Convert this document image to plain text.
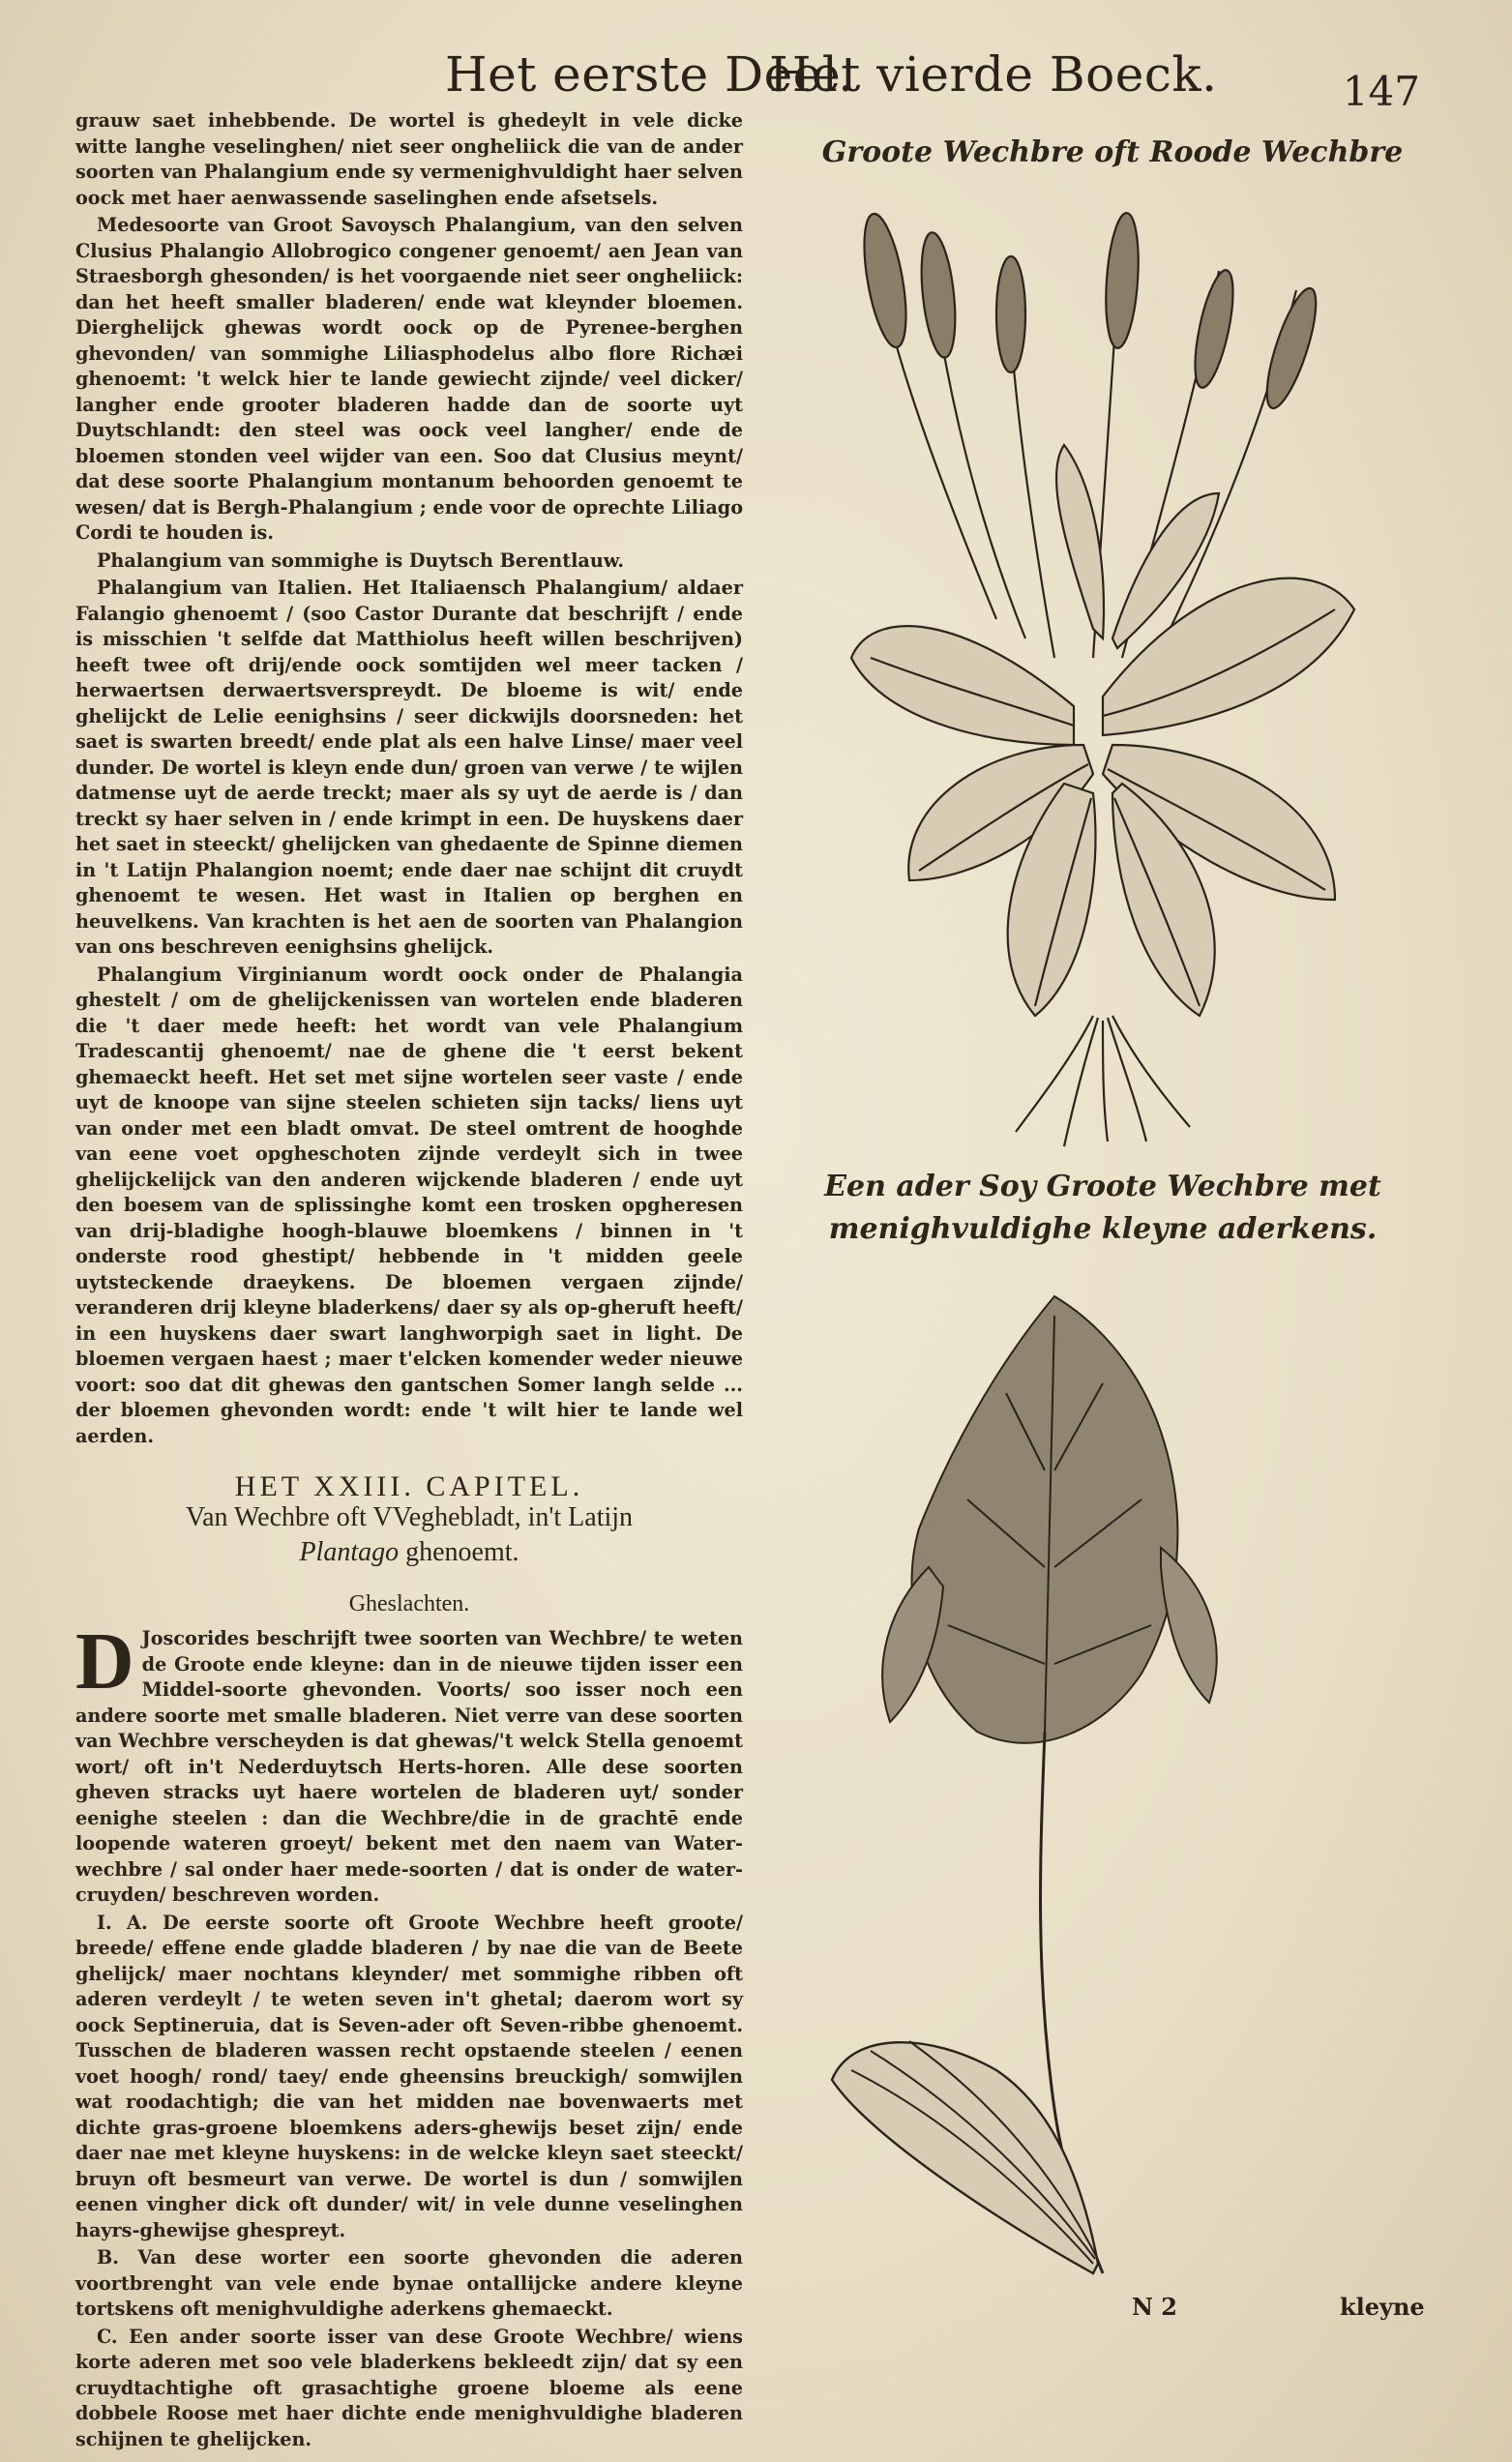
Het eerste Deel.
Het vierde Boeck.	147

grauw saet inhebbende. De wortel is ghedeylt in vele dicke witte langhe veselinghen/ niet seer ongheliick die van de ander soorten van Phalangium ende sy vermenighvuldight haer selven oock met haer aenwassende saselinghen ende afsetsels.

Medesoorte van Groot Savoysch Phalangium, van den selven Clusius Phalangio Allobrogico congener genoemt/ aen Jean van Straesborgh ghesonden/ is het voorgaende niet seer ongheliick: dan het heeft smaller bladeren/ ende wat kleynder bloemen. Dierghelijck ghewas wordt oock op de Pyrenee-berghen ghevonden/ van sommighe Liliasphodelus albo flore Richæi ghenoemt: 't welck hier te lande gewiecht zijnde/ veel dicker/ langher ende grooter bladeren hadde dan de soorte uyt Duytschlandt: den steel was oock veel langher/ ende de bloemen stonden veel wijder van een. Soo dat Clusius meynt/ dat dese soorte Phalangium montanum behoorden genoemt te wesen/ dat is Bergh-Phalangium ; ende voor de oprechte Liliago Cordi te houden is.

Phalangium van sommighe is Duytsch Berentlauw.

Phalangium van Italien. Het Italiaensch Phalangium/ aldaer Falangio ghenoemt / (soo Castor Durante dat beschrijft / ende is misschien 't selfde dat Matthiolus heeft willen beschrijven) heeft twee oft drij/ende oock somtijden wel meer tacken / herwaertsen derwaertsverspreydt. De bloeme is wit/ ende ghelijckt de Lelie eenighsins / seer dickwijls doorsneden: het saet is swarten breedt/ ende plat als een halve Linse/ maer veel dunder. De wortel is kleyn ende dun/ groen van verwe / te wijlen datmense uyt de aerde treckt; maer als sy uyt de aerde is / dan treckt sy haer selven in / ende krimpt in een. De huyskens daer het saet in steeckt/ ghelijcken van ghedaente de Spinne diemen in 't Latijn Phalangion noemt; ende daer nae schijnt dit cruydt ghenoemt te wesen. Het wast in Italien op berghen en heuvelkens. Van krachten is het aen de soorten van Phalangion van ons beschreven eenighsins ghelijck.

Phalangium Virginianum wordt oock onder de Phalangia ghestelt / om de ghelijckenissen van wortelen ende bladeren die 't daer mede heeft: het wordt van vele Phalangium Tradescantij ghenoemt/ nae de ghene die 't eerst bekent ghemaeckt heeft. Het set met sijne wortelen seer vaste / ende uyt de knoope van sijne steelen schieten sijn tacks/ liens uyt van onder met een bladt omvat. De steel omtrent de hooghde van eene voet opgheschoten zijnde verdeylt sich in twee ghelijckelijck van den anderen wijckende bladeren / ende uyt den boesem van de splissinghe komt een trosken opgheresen van drij-bladighe hoogh-blauwe bloemkens / binnen in 't onderste rood ghestipt/ hebbende in 't midden geele uytsteckende draeykens. De bloemen vergaen zijnde/ veranderen drij kleyne bladerkens/ daer sy als op-gheruft heeft/ in een huyskens daer swart langhworpigh saet in light. De bloemen vergaen haest ; maer t'elcken komender weder nieuwe voort: soo dat dit ghewas den gantschen Somer langh selde ... der bloemen ghevonden wordt: ende 't wilt hier te lande wel aerden.

HET XXIII. CAPITEL.
Van Wechbre oft VVeghebladt, in't Latijn
Plantago ghenoemt.
Gheslachten.

D Joscorides beschrijft twee soorten van Wechbre/ te weten de Groote ende kleyne: dan in de nieuwe tijden isser een Middel-soorte ghevonden. Voorts/ soo isser noch een andere soorte met smalle bladeren. Niet verre van dese soorten van Wechbre verscheyden is dat ghewas/'t welck Stella genoemt wort/ oft in't Nederduytsch Herts-horen. Alle dese soorten gheven stracks uyt haere wortelen de bladeren uyt/ sonder eenighe steelen : dan die Wechbre/die in de grachtē ende loopende wateren groeyt/ bekent met den naem van Water-wechbre / sal onder haer mede-soorten / dat is onder de water-cruyden/ beschreven worden.

I. A. De eerste soorte oft Groote Wechbre heeft groote/ breede/ effene ende gladde bladeren / by nae die van de Beete ghelijck/ maer nochtans kleynder/ met sommighe ribben oft aderen verdeylt / te weten seven in't ghetal; daerom wort sy oock Septineruia, dat is Seven-ader oft Seven-ribbe ghenoemt. Tusschen de bladeren wassen recht opstaende steelen / eenen voet hoogh/ rond/ taey/ ende gheensins breuckigh/ somwijlen wat roodachtigh; die van het midden nae bovenwaerts met dichte gras-groene bloemkens aders-ghewijs beset zijn/ ende daer nae met kleyne huyskens: in de welcke kleyn saet steeckt/ bruyn oft besmeurt van verwe. De wortel is dun / somwijlen eenen vingher dick oft dunder/ wit/ in vele dunne veselinghen hayrs-ghewijse ghespreyt.

B. Van dese worter een soorte ghevonden die aderen voortbrenght van vele ende bynae ontallijcke andere kleyne tortskens oft menighvuldighe aderkens ghemaeckt.

C. Een ander soorte isser van dese Groote Wechbre/ wiens korte aderen met soo vele bladerkens bekleedt zijn/ dat sy een cruydtachtighe oft grasachtighe groene bloeme als eene dobbele Roose met haer dichte ende menighvuldighe bladeren schijnen te ghelijcken.

Groote Wechbre oft Roode Wechbre
Een ader Soy Groote Wechbre met menighvuldighe kleyne aderkens.
N 2	kleyne
